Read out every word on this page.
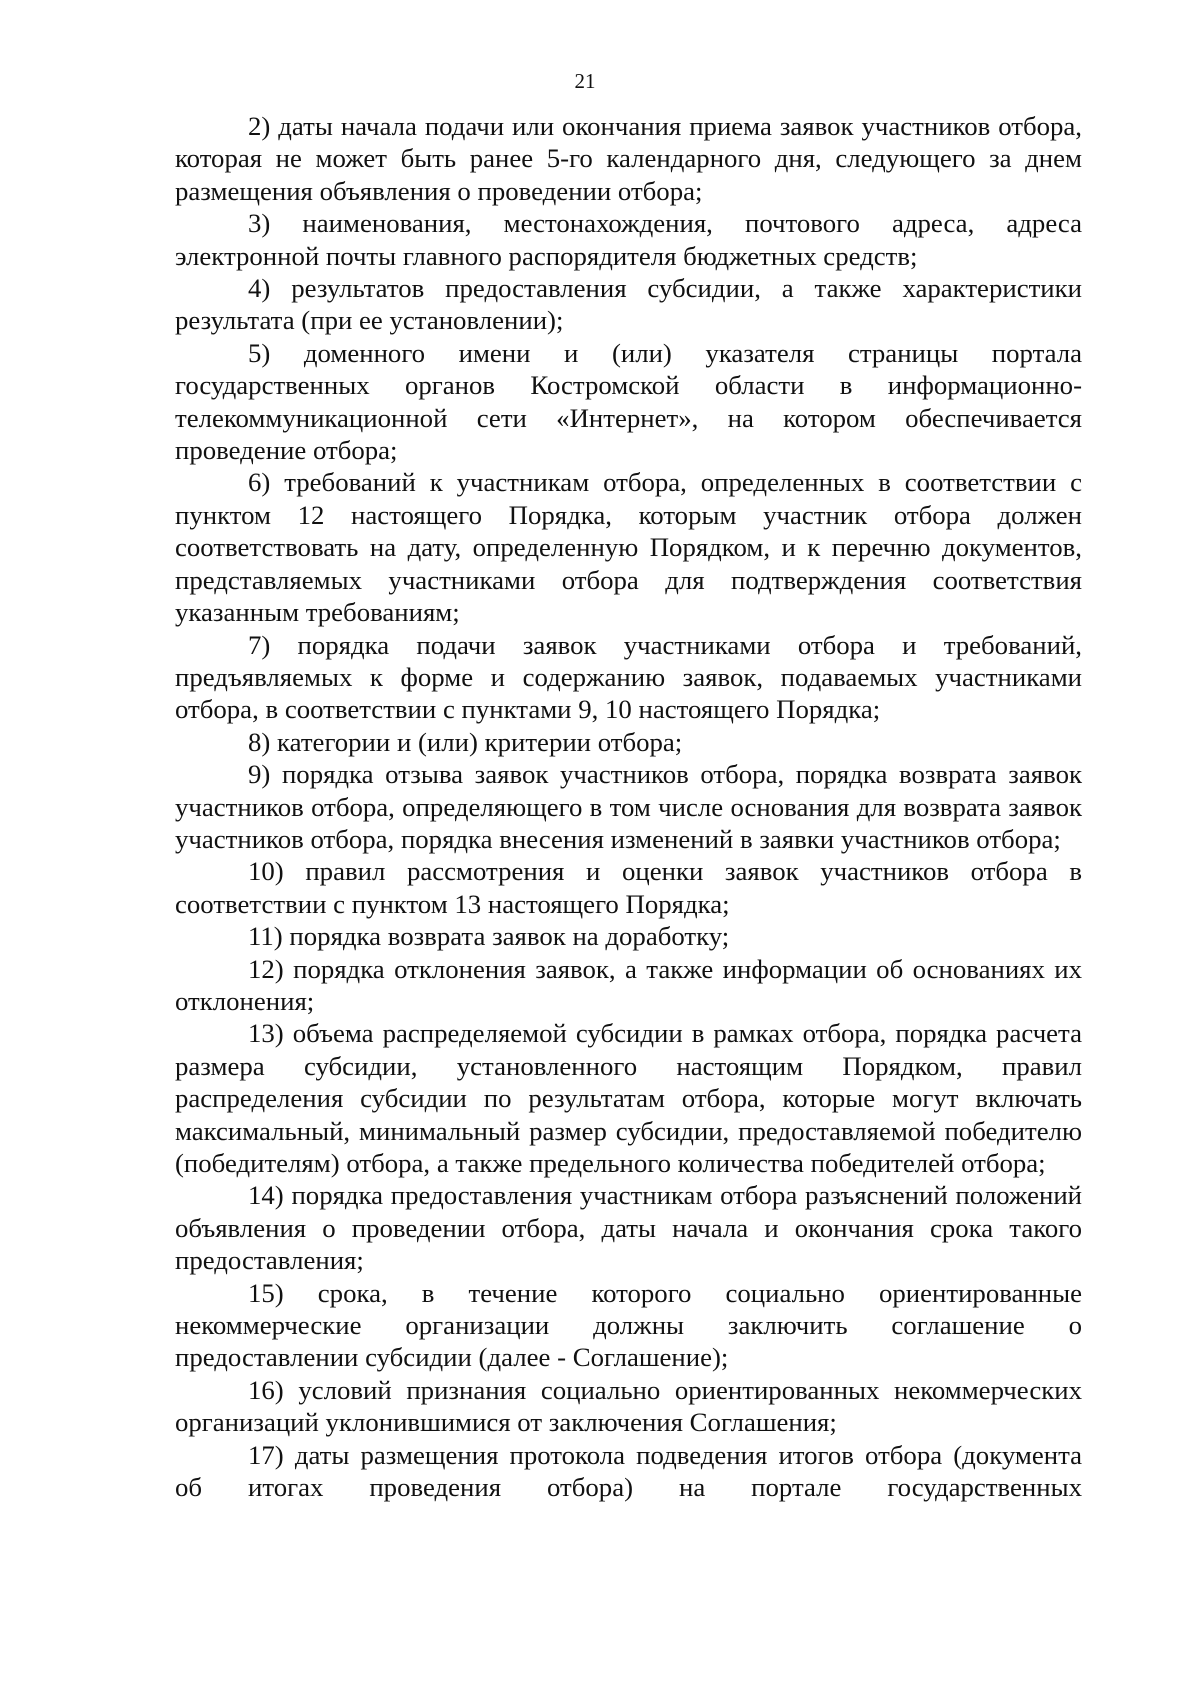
21

2) даты начала подачи или окончания приема заявок участников отбора, которая не может быть ранее 5-го календарного дня, следующего за днем размещения объявления о проведении отбора;

3) наименования, местонахождения, почтового адреса, адреса электронной почты главного распорядителя бюджетных средств;

4) результатов предоставления субсидии, а также характеристики результата (при ее установлении);

5) доменного имени и (или) указателя страницы портала государственных органов Костромской области в информационно-телекоммуникационной сети «Интернет», на котором обеспечивается проведение отбора;

6) требований к участникам отбора, определенных в соответствии с пунктом 12 настоящего Порядка, которым участник отбора должен соответствовать на дату, определенную Порядком, и к перечню документов, представляемых участниками отбора для подтверждения соответствия указанным требованиям;

7) порядка подачи заявок участниками отбора и требований, предъявляемых к форме и содержанию заявок, подаваемых участниками отбора, в соответствии с пунктами 9, 10 настоящего Порядка;

8) категории и (или) критерии отбора;

9) порядка отзыва заявок участников отбора, порядка возврата заявок участников отбора, определяющего в том числе основания для возврата заявок участников отбора, порядка внесения изменений в заявки участников отбора;

10) правил рассмотрения и оценки заявок участников отбора в соответствии с пунктом 13 настоящего Порядка;

11) порядка возврата заявок на доработку;

12) порядка отклонения заявок, а также информации об основаниях их отклонения;

13) объема распределяемой субсидии в рамках отбора, порядка расчета размера субсидии, установленного настоящим Порядком, правил распределения субсидии по результатам отбора, которые могут включать максимальный, минимальный размер субсидии, предоставляемой победителю (победителям) отбора, а также предельного количества победителей отбора;

14) порядка предоставления участникам отбора разъяснений положений объявления о проведении отбора, даты начала и окончания срока такого предоставления;

15) срока, в течение которого социально ориентированные некоммерческие организации должны заключить соглашение о предоставлении субсидии (далее - Соглашение);

16) условий признания социально ориентированных некоммерческих организаций уклонившимися от заключения Соглашения;

17) даты размещения протокола подведения итогов отбора (документа об итогах проведения отбора) на портале государственных
